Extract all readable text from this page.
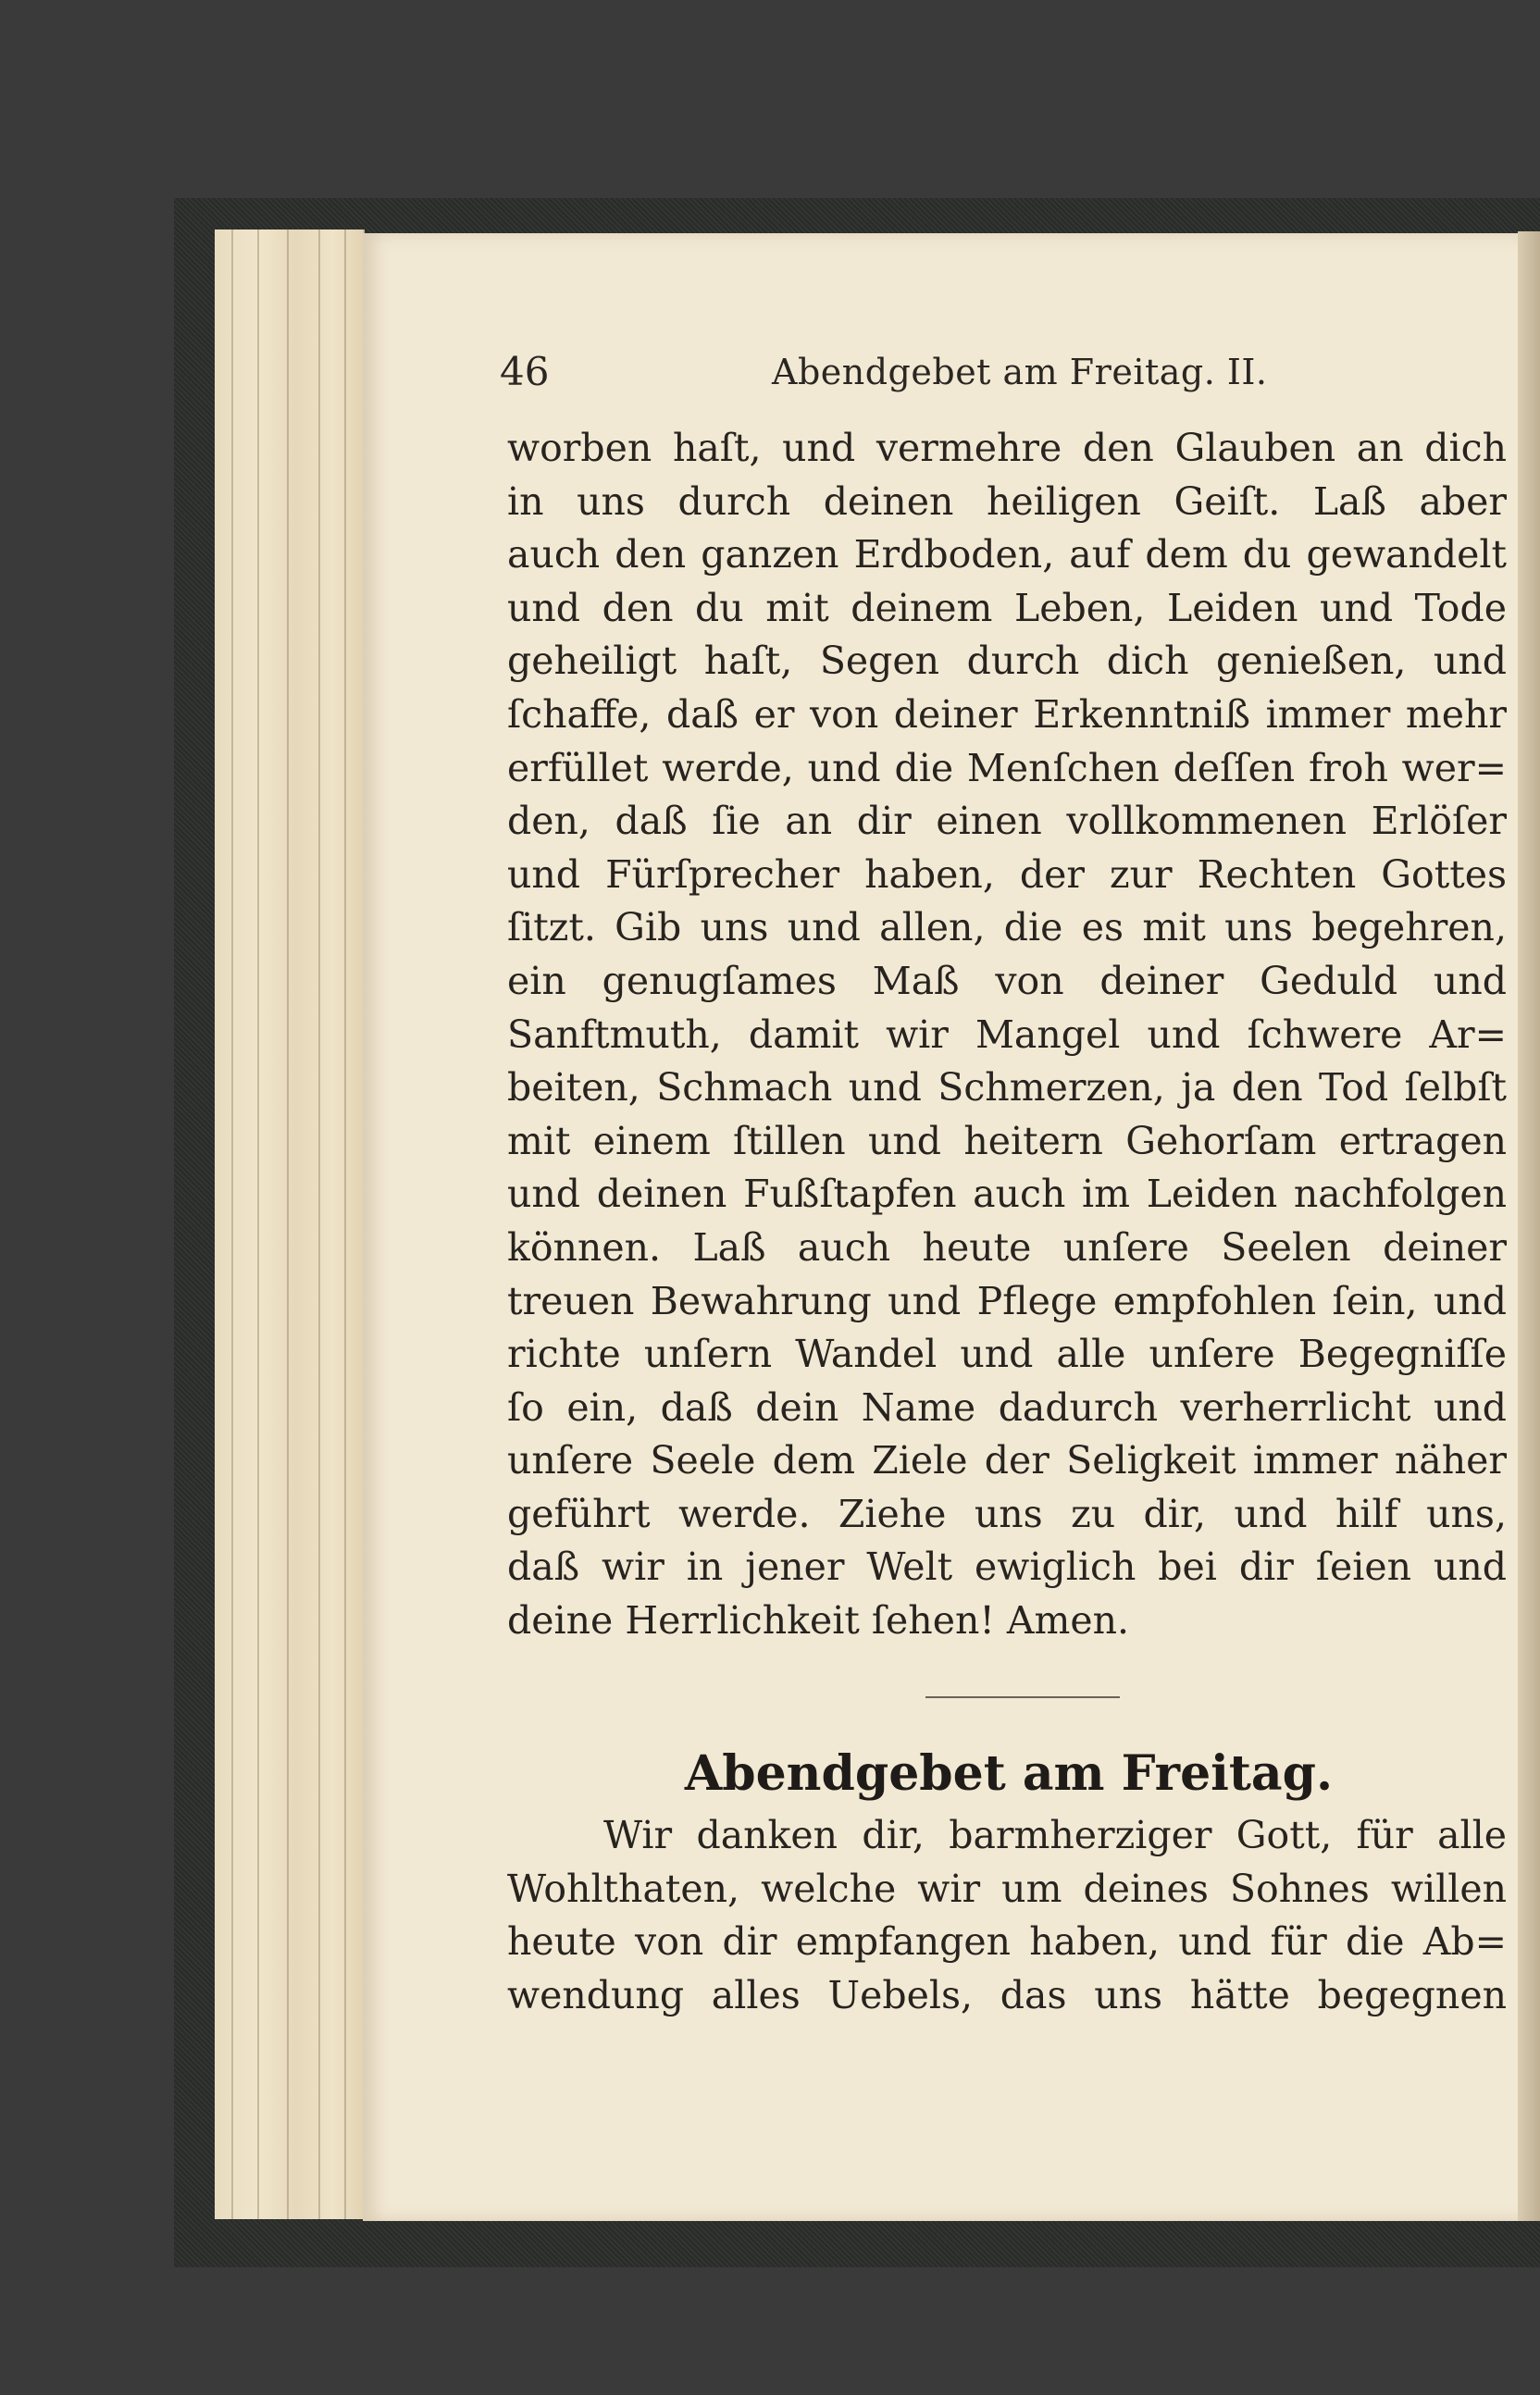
46	Abendgebet am Freitag. II.
worben haſt, und vermehre den Glauben an dich
in uns durch deinen heiligen Geiſt. Laß aber
auch den ganzen Erdboden, auf dem du gewandelt
und den du mit deinem Leben, Leiden und Tode
geheiligt haſt, Segen durch dich genießen, und
ſchaffe, daß er von deiner Erkenntniß immer mehr
erfüllet werde, und die Menſchen deſſen froh wer=
den, daß ſie an dir einen vollkommenen Erlöſer
und Fürſprecher haben, der zur Rechten Gottes
ſitzt. Gib uns und allen, die es mit uns begehren,
ein genugſames Maß von deiner Geduld und
Sanftmuth, damit wir Mangel und ſchwere Ar=
beiten, Schmach und Schmerzen, ja den Tod ſelbſt
mit einem ſtillen und heitern Gehorſam ertragen
und deinen Fußſtapfen auch im Leiden nachfolgen
können. Laß auch heute unſere Seelen deiner
treuen Bewahrung und Pflege empfohlen ſein, und
richte unſern Wandel und alle unſere Begegniſſe
ſo ein, daß dein Name dadurch verherrlicht und
unſere Seele dem Ziele der Seligkeit immer näher
geführt werde. Ziehe uns zu dir, und hilf uns,
daß wir in jener Welt ewiglich bei dir ſeien und
deine Herrlichkeit ſehen! Amen.
Abendgebet am Freitag.
Wir danken dir, barmherziger Gott, für alle
Wohlthaten, welche wir um deines Sohnes willen
heute von dir empfangen haben, und für die Ab=
wendung alles Uebels, das uns hätte begegnen
